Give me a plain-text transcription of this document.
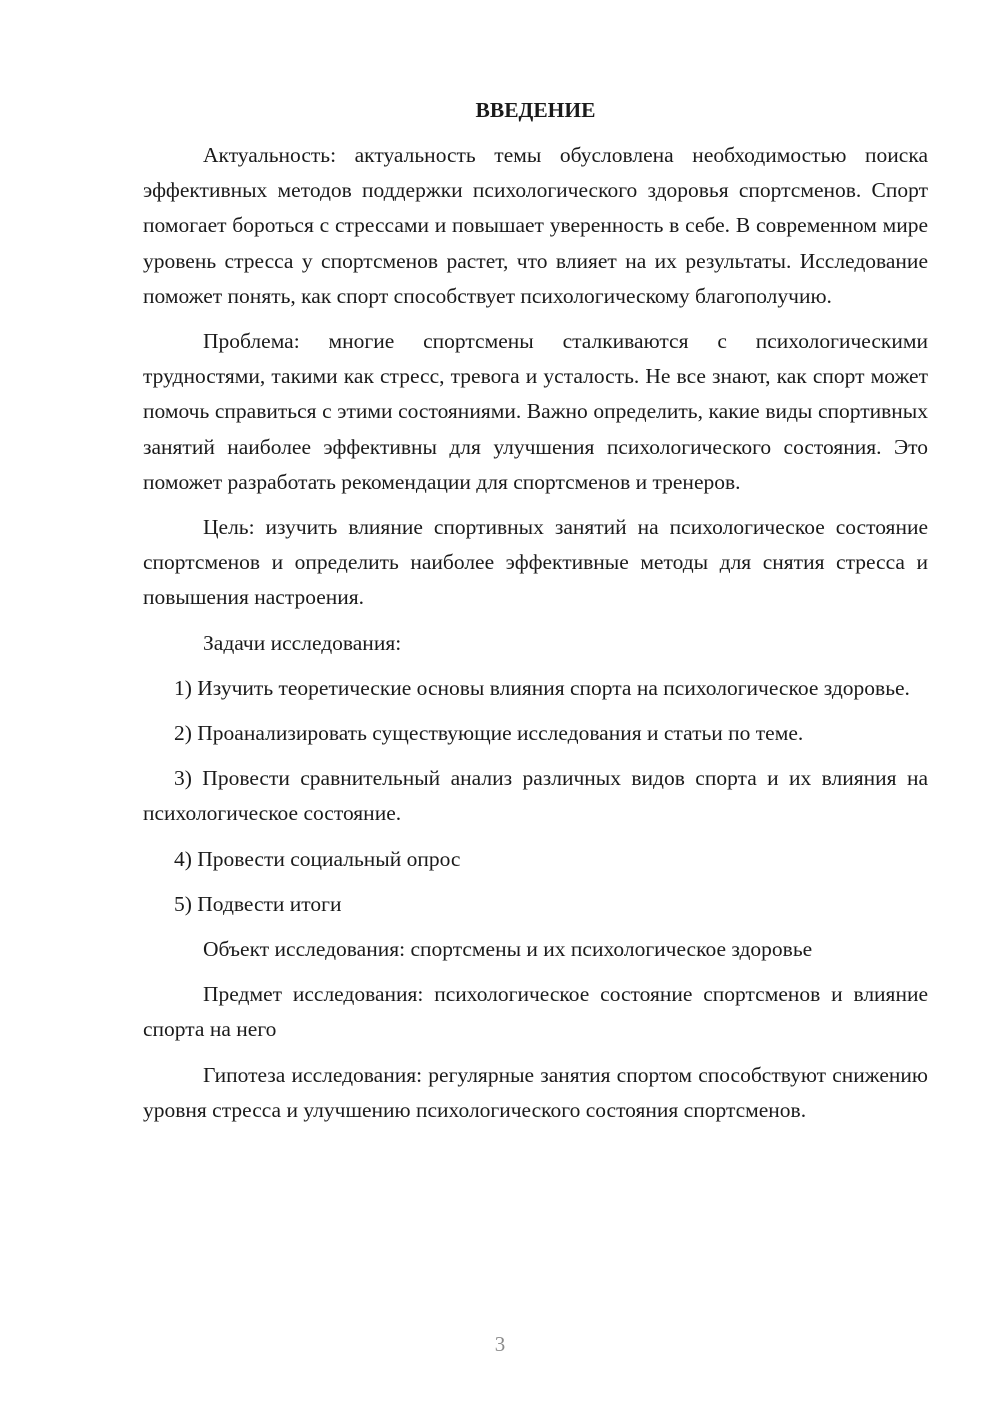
ВВЕДЕНИЕ

Актуальность: актуальность темы обусловлена необходимостью поиска эффективных методов поддержки психологического здоровья спортсменов. Спорт помогает бороться с стрессами и повышает уверенность в себе. В современном мире уровень стресса у спортсменов растет, что влияет на их результаты. Исследование поможет понять, как спорт способствует психологическому благополучию.

Проблема: многие спортсмены сталкиваются с психологическими трудностями, такими как стресс, тревога и усталость. Не все знают, как спорт может помочь справиться с этими состояниями. Важно определить, какие виды спортивных занятий наиболее эффективны для улучшения психологического состояния. Это поможет разработать рекомендации для спортсменов и тренеров.

Цель: изучить влияние спортивных занятий на психологическое состояние спортсменов и определить наиболее эффективные методы для снятия стресса и повышения настроения.

Задачи исследования:

1) Изучить теоретические основы влияния спорта на психологическое здоровье.

2) Проанализировать существующие исследования и статьи по теме.

3) Провести сравнительный анализ различных видов спорта и их влияния на психологическое состояние.

4) Провести социальный опрос

5) Подвести итоги

Объект исследования: спортсмены и их психологическое здоровье

Предмет исследования: психологическое состояние спортсменов и влияние спорта на него

Гипотеза исследования: регулярные занятия спортом способствуют снижению уровня стресса и улучшению психологического состояния спортсменов.

3
